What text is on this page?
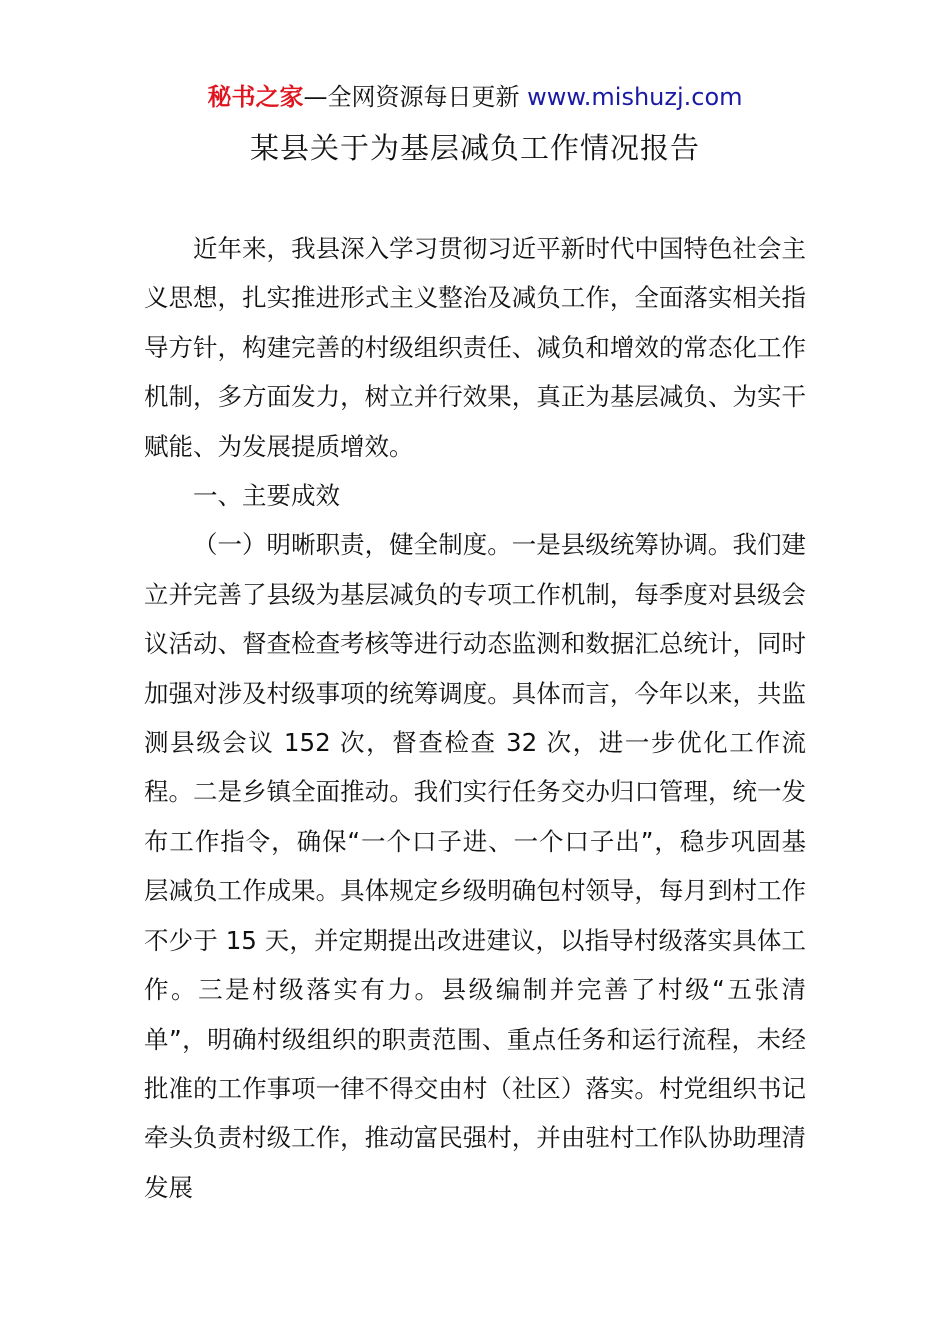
秘书之家—全网资源每日更新 www.mishuzj.com
某县关于为基层减负工作情况报告

近年来，我县深入学习贯彻习近平新时代中国特色社会主义思想，扎实推进形式主义整治及减负工作，全面落实相关指导方针，构建完善的村级组织责任、减负和增效的常态化工作机制，多方面发力，树立并行效果，真正为基层减负、为实干赋能、为发展提质增效。

一、主要成效

（一）明晰职责，健全制度。一是县级统筹协调。我们建立并完善了县级为基层减负的专项工作机制，每季度对县级会议活动、督查检查考核等进行动态监测和数据汇总统计，同时加强对涉及村级事项的统筹调度。具体而言，今年以来，共监测县级会议 152 次，督查检查 32 次，进一步优化工作流程。二是乡镇全面推动。我们实行任务交办归口管理，统一发布工作指令，确保“一个口子进、一个口子出”，稳步巩固基层减负工作成果。具体规定乡级明确包村领导，每月到村工作不少于 15 天，并定期提出改进建议，以指导村级落实具体工作。三是村级落实有力。县级编制并完善了村级“五张清单”，明确村级组织的职责范围、重点任务和运行流程，未经批准的工作事项一律不得交由村（社区）落实。村党组织书记牵头负责村级工作，推动富民强村，并由驻村工作队协助理清发展
